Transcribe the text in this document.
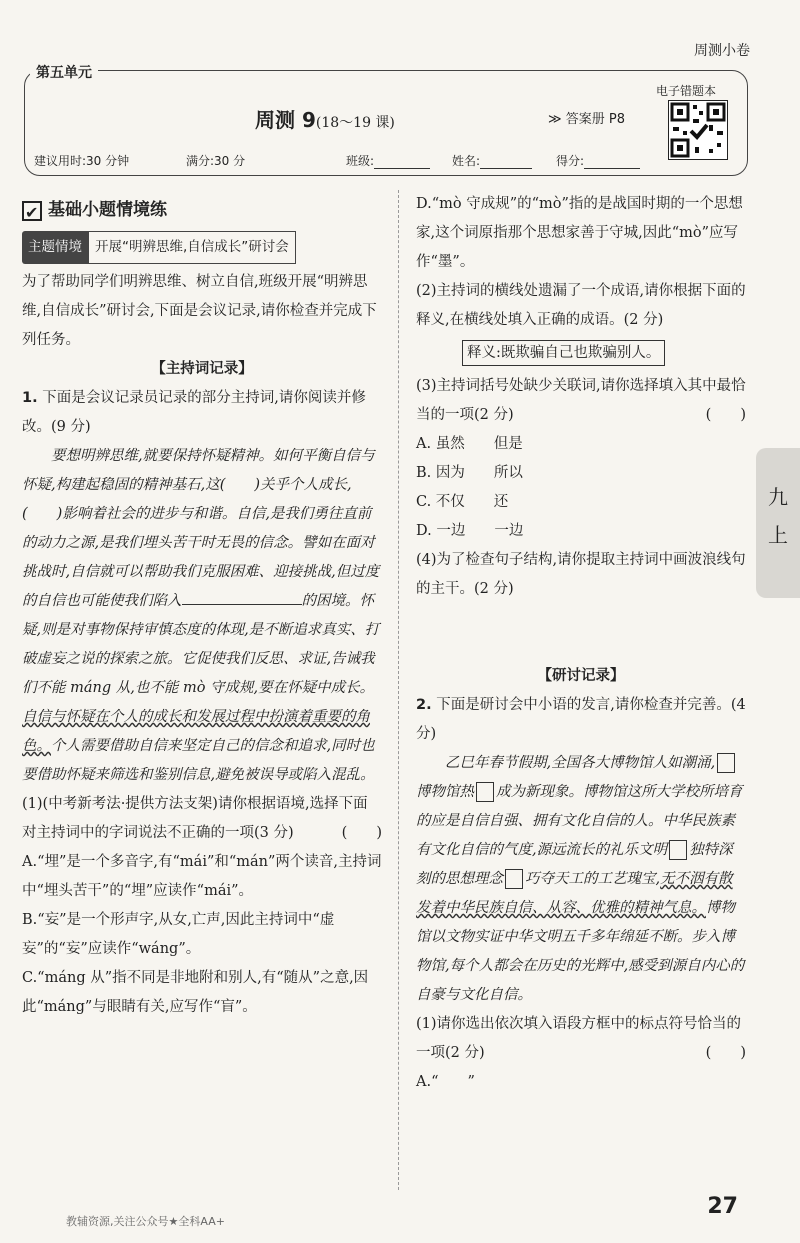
周测小卷
第五单元
周测 9(18～19 课)	≫ 答案册 P8
电子错题本
建议用时:30 分钟	满分:30 分	班级:	姓名:	得分:
✔
基础小题情境练
主题情境 开展“明辨思维,自信成长”研讨会

为了帮助同学们明辨思维、树立自信,班级开展“明辨思维,自信成长”研讨会,下面是会议记录,请你检查并完成下列任务。

【主持词记录】

1. 下面是会议记录员记录的部分主持词,请你阅读并修改。(9 分)

要想明辨思维,就要保持怀疑精神。如何平衡自信与怀疑,构建起稳固的精神基石,这(　　)关乎个人成长,(　　)影响着社会的进步与和谐。自信,是我们勇往直前的动力之源,是我们埋头苦干时无畏的信念。譬如在面对挑战时,自信就可以帮助我们克服困难、迎接挑战,但过度的自信也可能使我们陷入	的困境。怀疑,则是对事物保持审慎态度的体现,是不断追求真实、打破虚妄之说的探索之旅。它促使我们反思、求证,告诫我们不能 máng 从,也不能 mò 守成规,要在怀疑中成长。自信与怀疑在个人的成长和发展过程中扮演着重要的角色。个人需要借助自信来坚定自己的信念和追求,同时也要借助怀疑来筛选和鉴别信息,避免被误导或陷入混乱。

(1)(中考新考法·提供方法支架)请你根据语境,选择下面对主持词中的字词说法不正确的一项(3 分)	(　　)

A.“埋”是一个多音字,有“mái”和“mán”两个读音,主持词中“埋头苦干”的“埋”应读作“mái”。

B.“妄”是一个形声字,从女,亡声,因此主持词中“虚妄”的“妄”应读作“wáng”。

C.“máng 从”指不同是非地附和别人,有“随从”之意,因此“máng”与眼睛有关,应写作“盲”。

D.“mò 守成规”的“mò”指的是战国时期的一个思想家,这个词原指那个思想家善于守城,因此“mò”应写作“墨”。

(2)主持词的横线处遗漏了一个成语,请你根据下面的释义,在横线处填入正确的成语。(2 分)

释义:既欺骗自己也欺骗别人。

(3)主持词括号处缺少关联词,请你选择填入其中最恰当的一项(2 分)	(　　)

A. 虽然　　但是

B. 因为　　所以

C. 不仅　　还

D. 一边　　一边

(4)为了检查句子结构,请你提取主持词中画波浪线句的主干。(2 分)

【研讨记录】

2. 下面是研讨会中小语的发言,请你检查并完善。(4 分)

乙巳年春节假期,全国各大博物馆人如潮涌,博物馆热 成为新现象。博物馆这所大学校所培育的应是自信自强、拥有文化自信的人。中华民族素有文化自信的气度,源远流长的礼乐文明 独特深刻的思想理念 巧夺天工的工艺瑰宝,无不洇有散发着中华民族自信、从容、优雅的精神气息。博物馆以文物实证中华文明五千多年绵延不断。步入博物馆,每个人都会在历史的光辉中,感受到源自内心的自豪与文化自信。

(1)请你选出依次填入语段方框中的标点符号恰当的一项(2 分)	(　　)

A.“　　”

九
上
教辅资源,关注公众号★全科AA+
27
